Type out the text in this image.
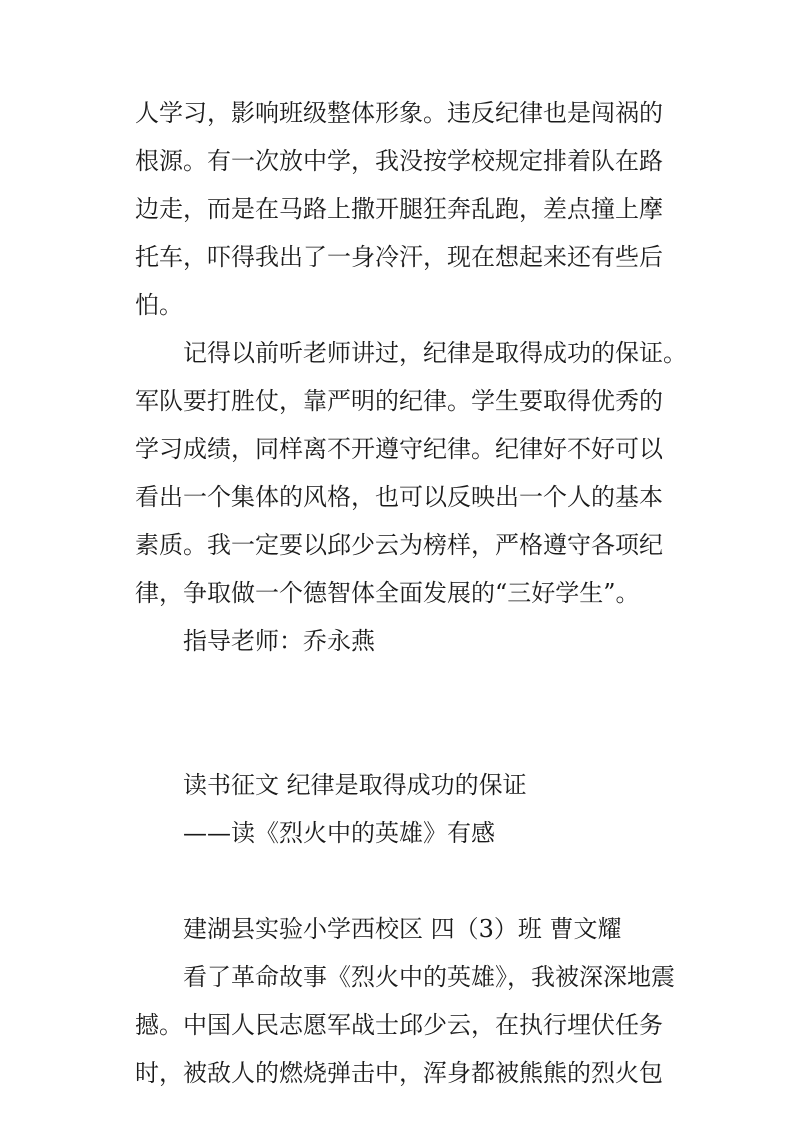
人学习，影响班级整体形象。违反纪律也是闯祸的
根源。有一次放中学，我没按学校规定排着队在路
边走，而是在马路上撒开腿狂奔乱跑，差点撞上摩
托车，吓得我出了一身冷汗，现在想起来还有些后
怕。
记得以前听老师讲过，纪律是取得成功的保证。
军队要打胜仗，靠严明的纪律。学生要取得优秀的
学习成绩，同样离不开遵守纪律。纪律好不好可以
看出一个集体的风格，也可以反映出一个人的基本
素质。我一定要以邱少云为榜样，严格遵守各项纪
律，争取做一个德智体全面发展的“三好学生”。
指导老师：乔永燕
读书征文 纪律是取得成功的保证
——读《烈火中的英雄》有感
建湖县实验小学西校区 四（3）班 曹文耀
看了革命故事《烈火中的英雄》，我被深深地震
撼。中国人民志愿军战士邱少云，在执行埋伏任务
时，被敌人的燃烧弹击中，浑身都被熊熊的烈火包
